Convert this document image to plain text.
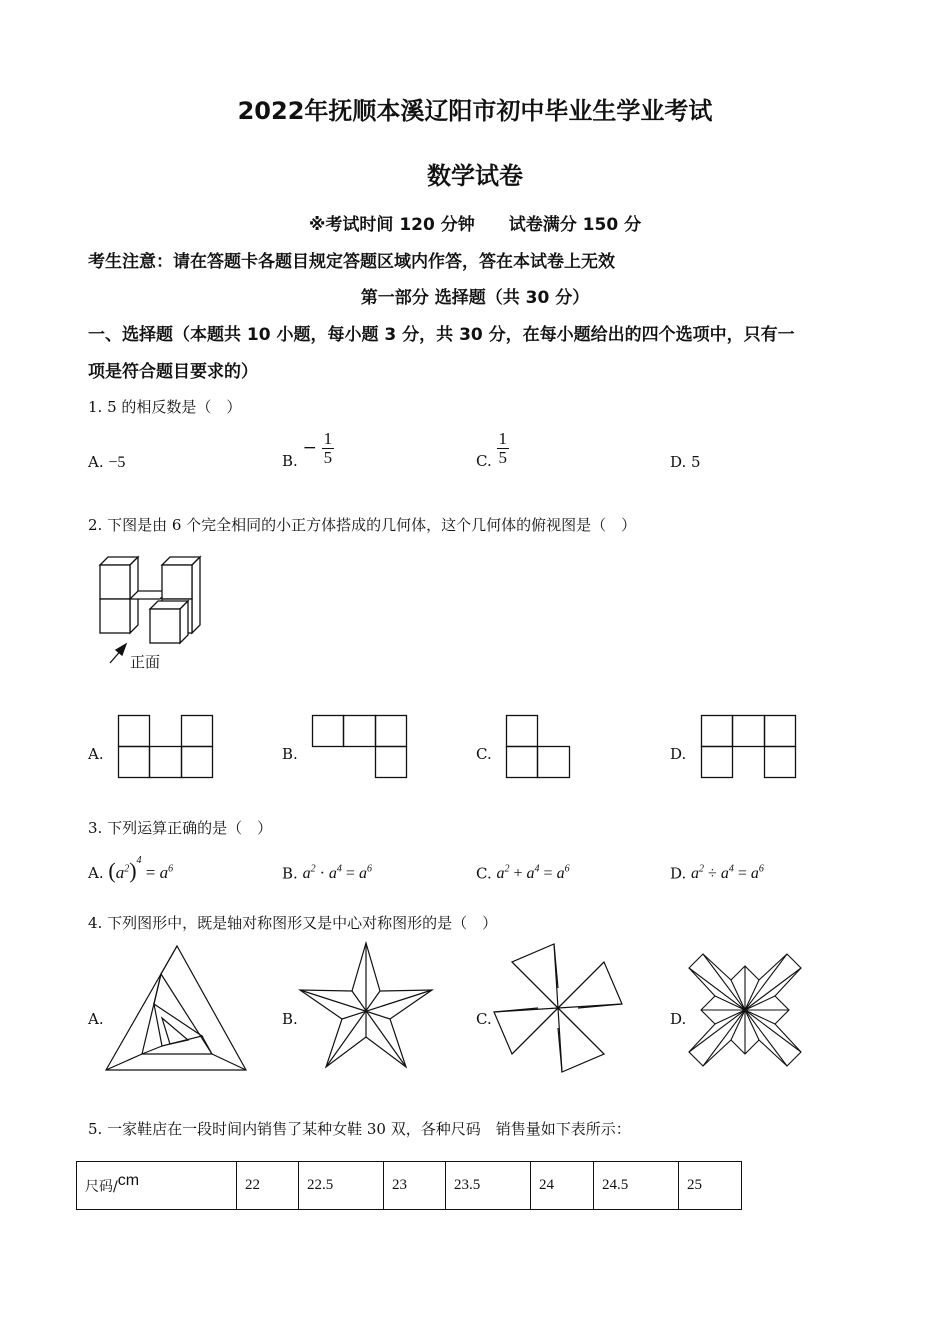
2022年抚顺本溪辽阳市初中毕业生学业考试
数学试卷
※考试时间 120 分钟　　试卷满分 150 分
考生注意：请在答题卡各题目规定答题区域内作答，答在本试卷上无效
第一部分 选择题（共 30 分）
一、选择题（本题共 10 小题，每小题 3 分，共 30 分，在每小题给出的四个选项中，只有一
项是符合题目要求的）
1. 5 的相反数是（　）
A. −5	B. − $\frac{1}{5}$	C. $\frac{1}{5}$	D. 5
2. 下图是由 6 个完全相同的小正方体搭成的几何体，这个几何体的俯视图是（　）
正面
A.	B.	C.	D.
3. 下列运算正确的是（　）
A. $(a^2)^4 = a^6$	B. $a^2 \cdot a^4 = a^6$	C. $a^2 + a^4 = a^6$	D. $a^2 \div a^4 = a^6$
4. 下列图形中，既是轴对称图形又是中心对称图形的是（　）
A.	B.	C.	D.
5. 一家鞋店在一段时间内销售了某种女鞋 30 双，各种尺码　销售量如下表所示：
尺码/cm	22	22.5	23	23.5	24	24.5	25
